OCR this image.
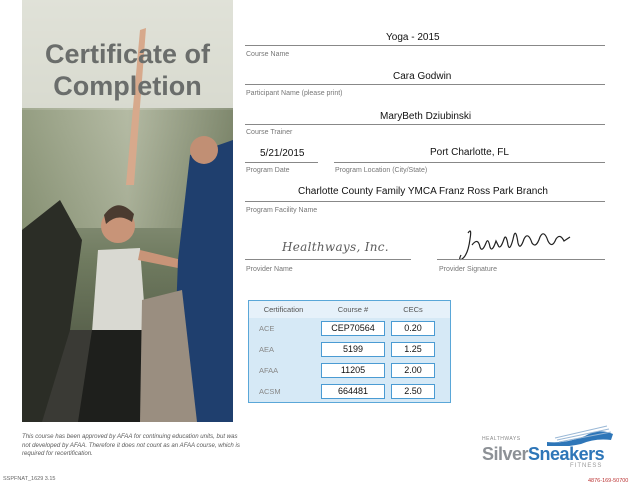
Certificate of
Completion
This course has been approved by AFAA for continuing education units, but was not developed by AFAA. Therefore it does not count as an AFAA course, which is required for recertification.
SSPFNAT_1629 3.15
Yoga - 2015
Course Name
Cara Godwin
Participant Name (please print)
MaryBeth Dziubinski
Course Trainer
5/21/2015
Program Date
Port Charlotte, FL
Program Location (City/State)
Charlotte County Family YMCA Franz Ross Park Branch
Program Facility Name
Healthways, Inc.
Provider Name	Provider Signature
Certification	Course #	CECs	
ACE	CEP70564	0.20	
AEA	5199	1.25	
AFAA	11205	2.00	
ACSM	664481	2.50	
HEALTHWAYS
SilverSneakers
FITNESS
4876-169-50700
